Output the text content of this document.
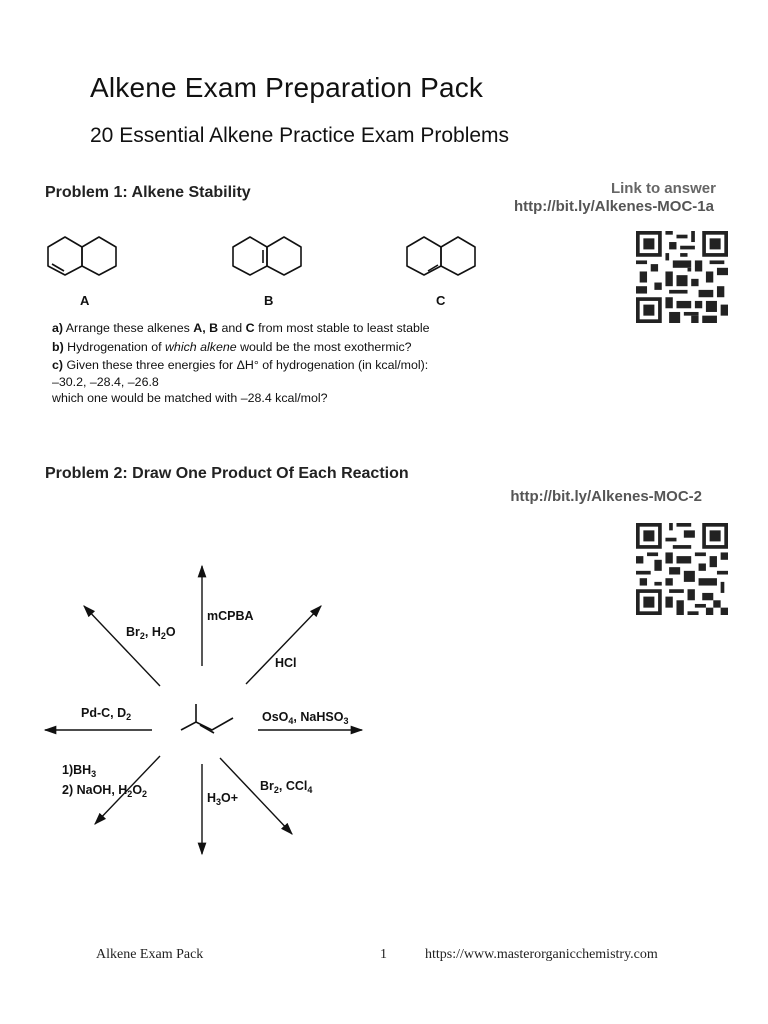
Alkene Exam Preparation Pack
20 Essential Alkene Practice Exam Problems
Problem 1: Alkene Stability	Link to answer
http://bit.ly/Alkenes-MOC-1a
A	B	C
a) Arrange these alkenes A, B and C from most stable to least stable
b) Hydrogenation of which alkene would be the most exothermic?
c) Given these three energies for ΔH° of hydrogenation (in kcal/mol):
–30.2, –28.4, –26.8
which one would be matched with –28.4 kcal/mol?
Problem 2: Draw One Product Of Each Reaction
http://bit.ly/Alkenes-MOC-2
mCPBA
$Br_2$, $H_2O$
HCl
Pd-C, $D_2$	OsO$_4$, NaHSO$_3$
$1)BH_3$
2) NaOH, $H_2O_2$	$H_3O+$
$Br_2$, CCl$_4$
Alkene Exam Pack	1	https://www.masterorganicchemistry.com
